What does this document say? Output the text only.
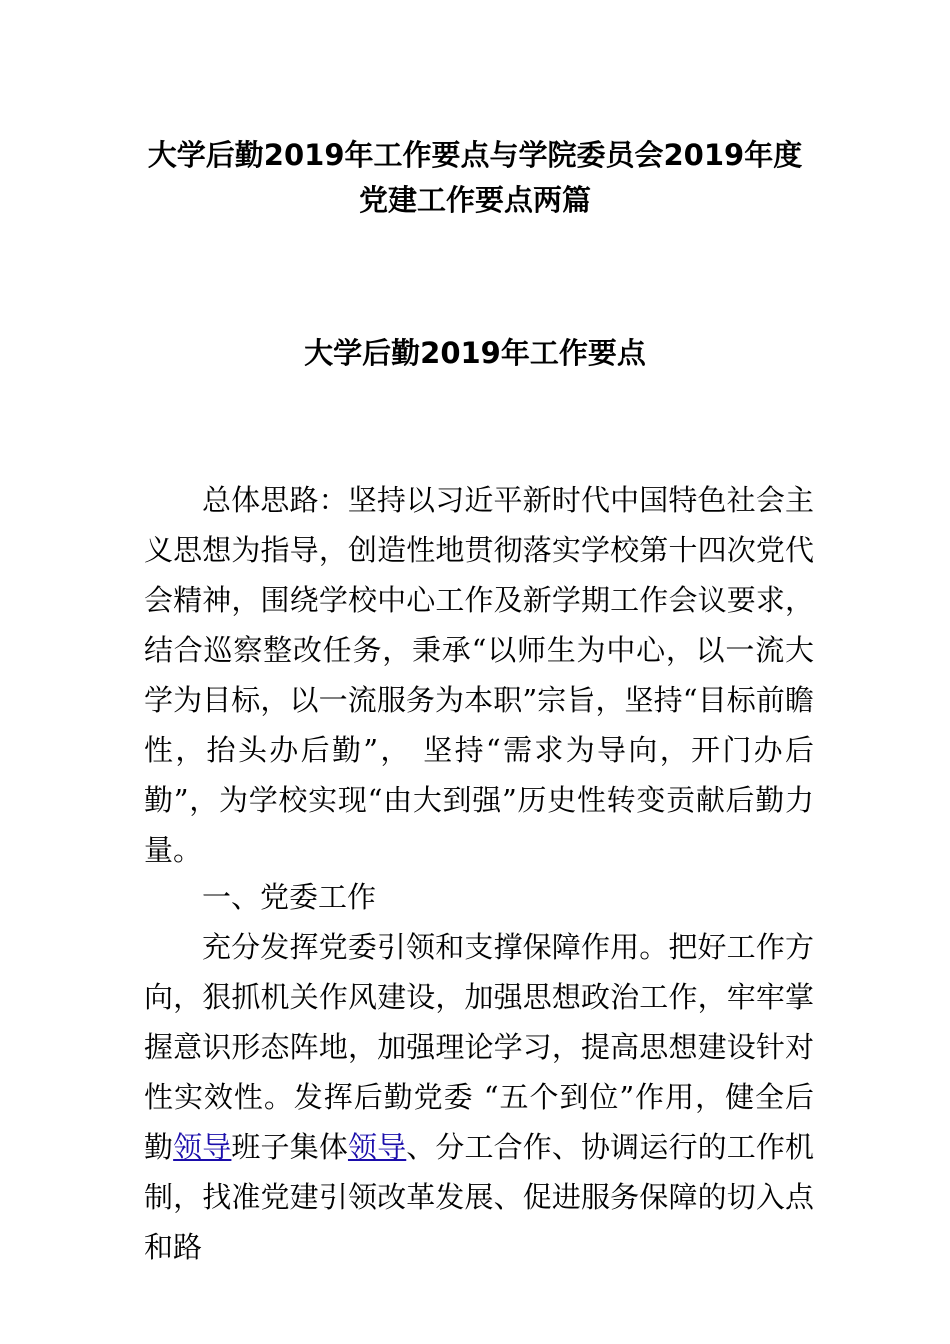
大学后勤2019年工作要点与学院委员会2019年度
党建工作要点两篇
大学后勤2019年工作要点

总体思路：坚持以习近平新时代中国特色社会主义思想为指导，创造性地贯彻落实学校第十四次党代会精神，围绕学校中心工作及新学期工作会议要求，结合巡察整改任务，秉承“以师生为中心，以一流大学为目标，以一流服务为本职”宗旨，坚持“目标前瞻性，抬头办后勤”， 坚持“需求为导向，开门办后勤”，为学校实现“由大到强”历史性转变贡献后勤力量。

一、党委工作

充分发挥党委引领和支撑保障作用。把好工作方向，狠抓机关作风建设，加强思想政治工作，牢牢掌握意识形态阵地，加强理论学习，提高思想建设针对性实效性。发挥后勤党委 “五个到位”作用，健全后勤领导班子集体领导、分工合作、协调运行的工作机制，找准党建引领改革发展、促进服务保障的切入点和路
